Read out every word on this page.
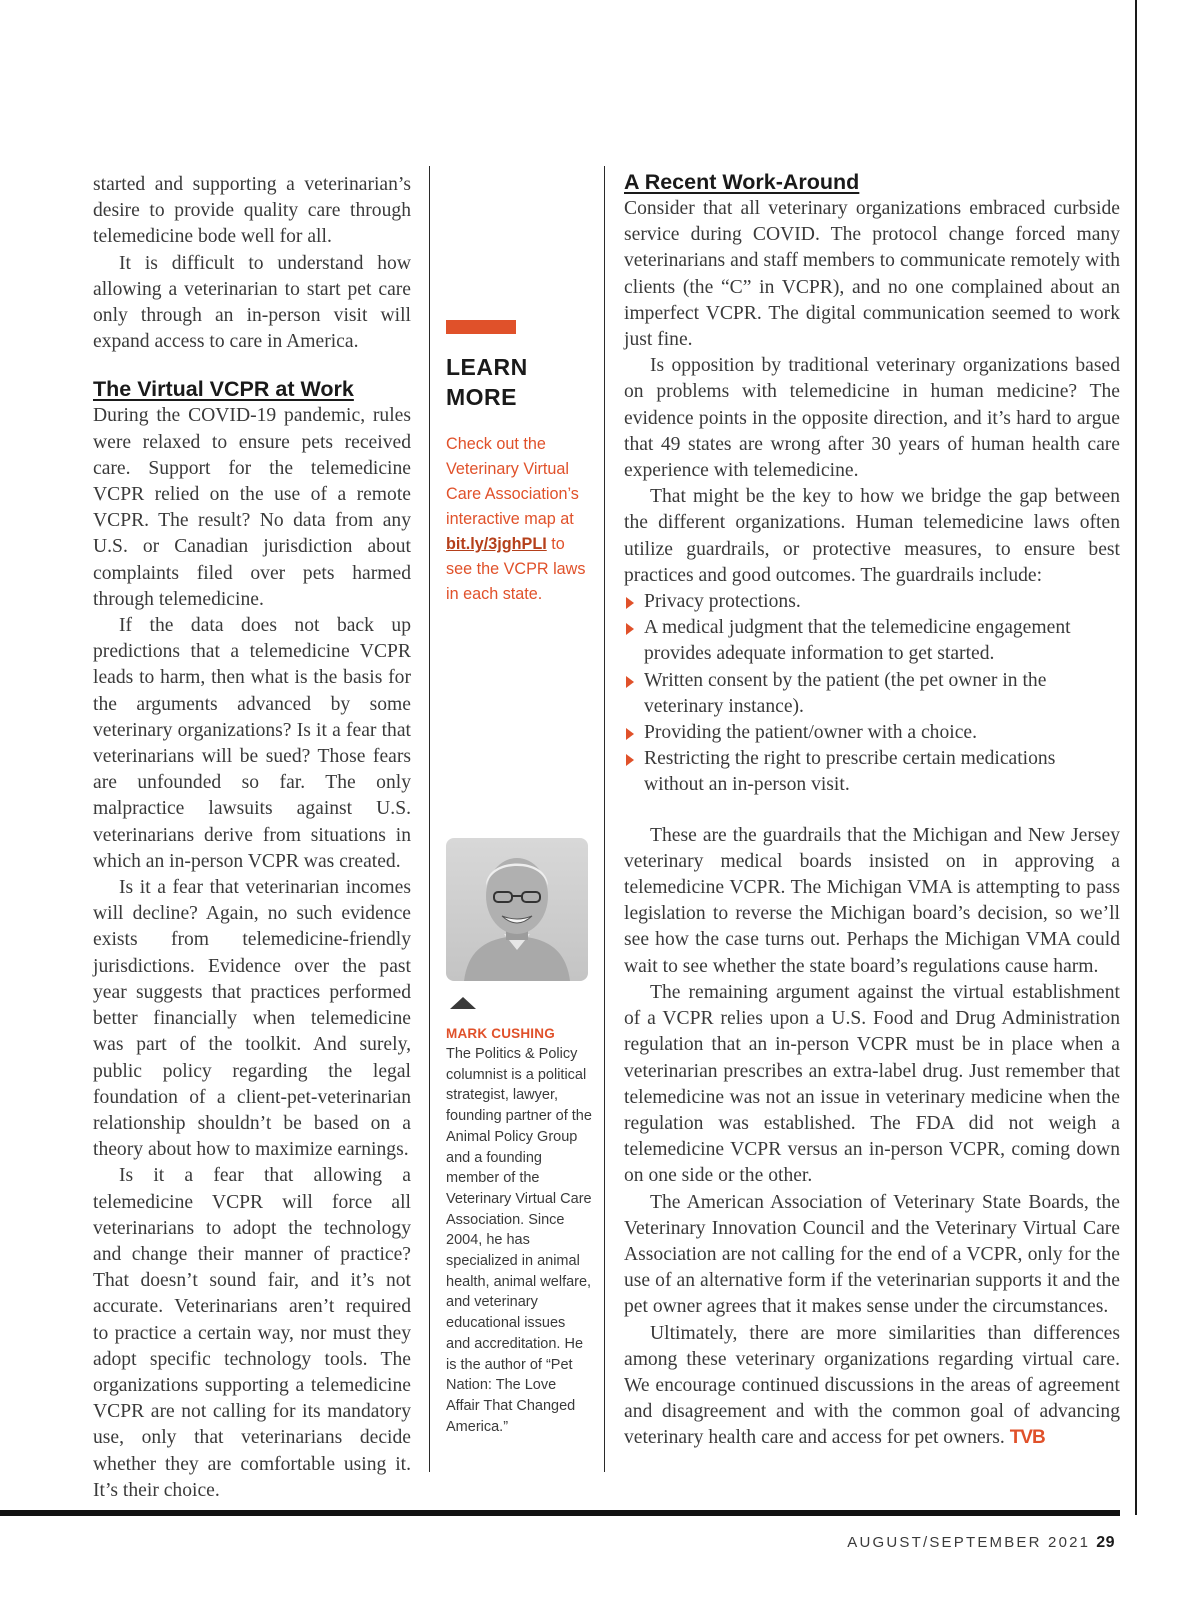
started and supporting a veterinarian’s desire to provide quality care through telemedicine bode well for all.

It is difficult to understand how allowing a veterinarian to start pet care only through an in-person visit will expand access to care in America.

The Virtual VCPR at Work

During the COVID-19 pandemic, rules were relaxed to ensure pets received care. Support for the telemedicine VCPR relied on the use of a remote VCPR. The result? No data from any U.S. or Canadian jurisdiction about complaints filed over pets harmed through telemedicine.

If the data does not back up predictions that a telemedicine VCPR leads to harm, then what is the basis for the arguments advanced by some veterinary organizations? Is it a fear that veterinarians will be sued? Those fears are unfounded so far. The only malpractice lawsuits against U.S. veterinarians derive from situations in which an in-person VCPR was created.

Is it a fear that veterinarian incomes will decline? Again, no such evidence exists from telemedicine-friendly jurisdictions. Evidence over the past year suggests that practices performed better financially when telemedicine was part of the toolkit. And surely, public policy regarding the legal foundation of a client-pet-veterinarian relationship shouldn’t be based on a theory about how to maximize earnings.

Is it a fear that allowing a telemedicine VCPR will force all veterinarians to adopt the technology and change their manner of practice? That doesn’t sound fair, and it’s not accurate. Veterinarians aren’t required to practice a certain way, nor must they adopt specific technology tools. The organizations supporting a telemedicine VCPR are not calling for its mandatory use, only that veterinarians decide whether they are comfortable using it. It’s their choice.

LEARN MORE
Check out the Veterinary Virtual Care Association’s interactive map at bit.ly/3jghPLI to see the VCPR laws in each state.
MARK CUSHING
The Politics & Policy columnist is a political strategist, lawyer, founding partner of the Animal Policy Group and a founding member of the Veterinary Virtual Care Association. Since 2004, he has specialized in animal health, animal welfare, and veterinary educational issues and accreditation. He is the author of “Pet Nation: The Love Affair That Changed America.”
A Recent Work-Around

Consider that all veterinary organizations embraced curbside service during COVID. The protocol change forced many veterinarians and staff members to communicate remotely with clients (the “C” in VCPR), and no one complained about an imperfect VCPR. The digital communication seemed to work just fine.

Is opposition by traditional veterinary organizations based on problems with telemedicine in human medicine? The evidence points in the opposite direction, and it’s hard to argue that 49 states are wrong after 30 years of human health care experience with telemedicine.

That might be the key to how we bridge the gap between the different organizations. Human telemedicine laws often utilize guardrails, or protective measures, to ensure best practices and good outcomes. The guardrails include:

Privacy protections.
A medical judgment that the telemedicine engagement provides adequate information to get started.
Written consent by the patient (the pet owner in the veterinary instance).
Providing the patient/owner with a choice.
Restricting the right to prescribe certain medications without an in-person visit.

These are the guardrails that the Michigan and New Jersey veterinary medical boards insisted on in approving a telemedicine VCPR. The Michigan VMA is attempting to pass legislation to reverse the Michigan board’s decision, so we’ll see how the case turns out. Perhaps the Michigan VMA could wait to see whether the state board’s regulations cause harm.

The remaining argument against the virtual establishment of a VCPR relies upon a U.S. Food and Drug Administration regulation that an in-person VCPR must be in place when a veterinarian prescribes an extra-label drug. Just remember that telemedicine was not an issue in veterinary medicine when the regulation was established. The FDA did not weigh a telemedicine VCPR versus an in-person VCPR, coming down on one side or the other.

The American Association of Veterinary State Boards, the Veterinary Innovation Council and the Veterinary Virtual Care Association are not calling for the end of a VCPR, only for the use of an alternative form if the veterinarian supports it and the pet owner agrees that it makes sense under the circumstances.

Ultimately, there are more similarities than differences among these veterinary organizations regarding virtual care. We encourage continued discussions in the areas of agreement and disagreement and with the common goal of advancing veterinary health care and access for pet owners. TVB

AUGUST/SEPTEMBER 2021 29
